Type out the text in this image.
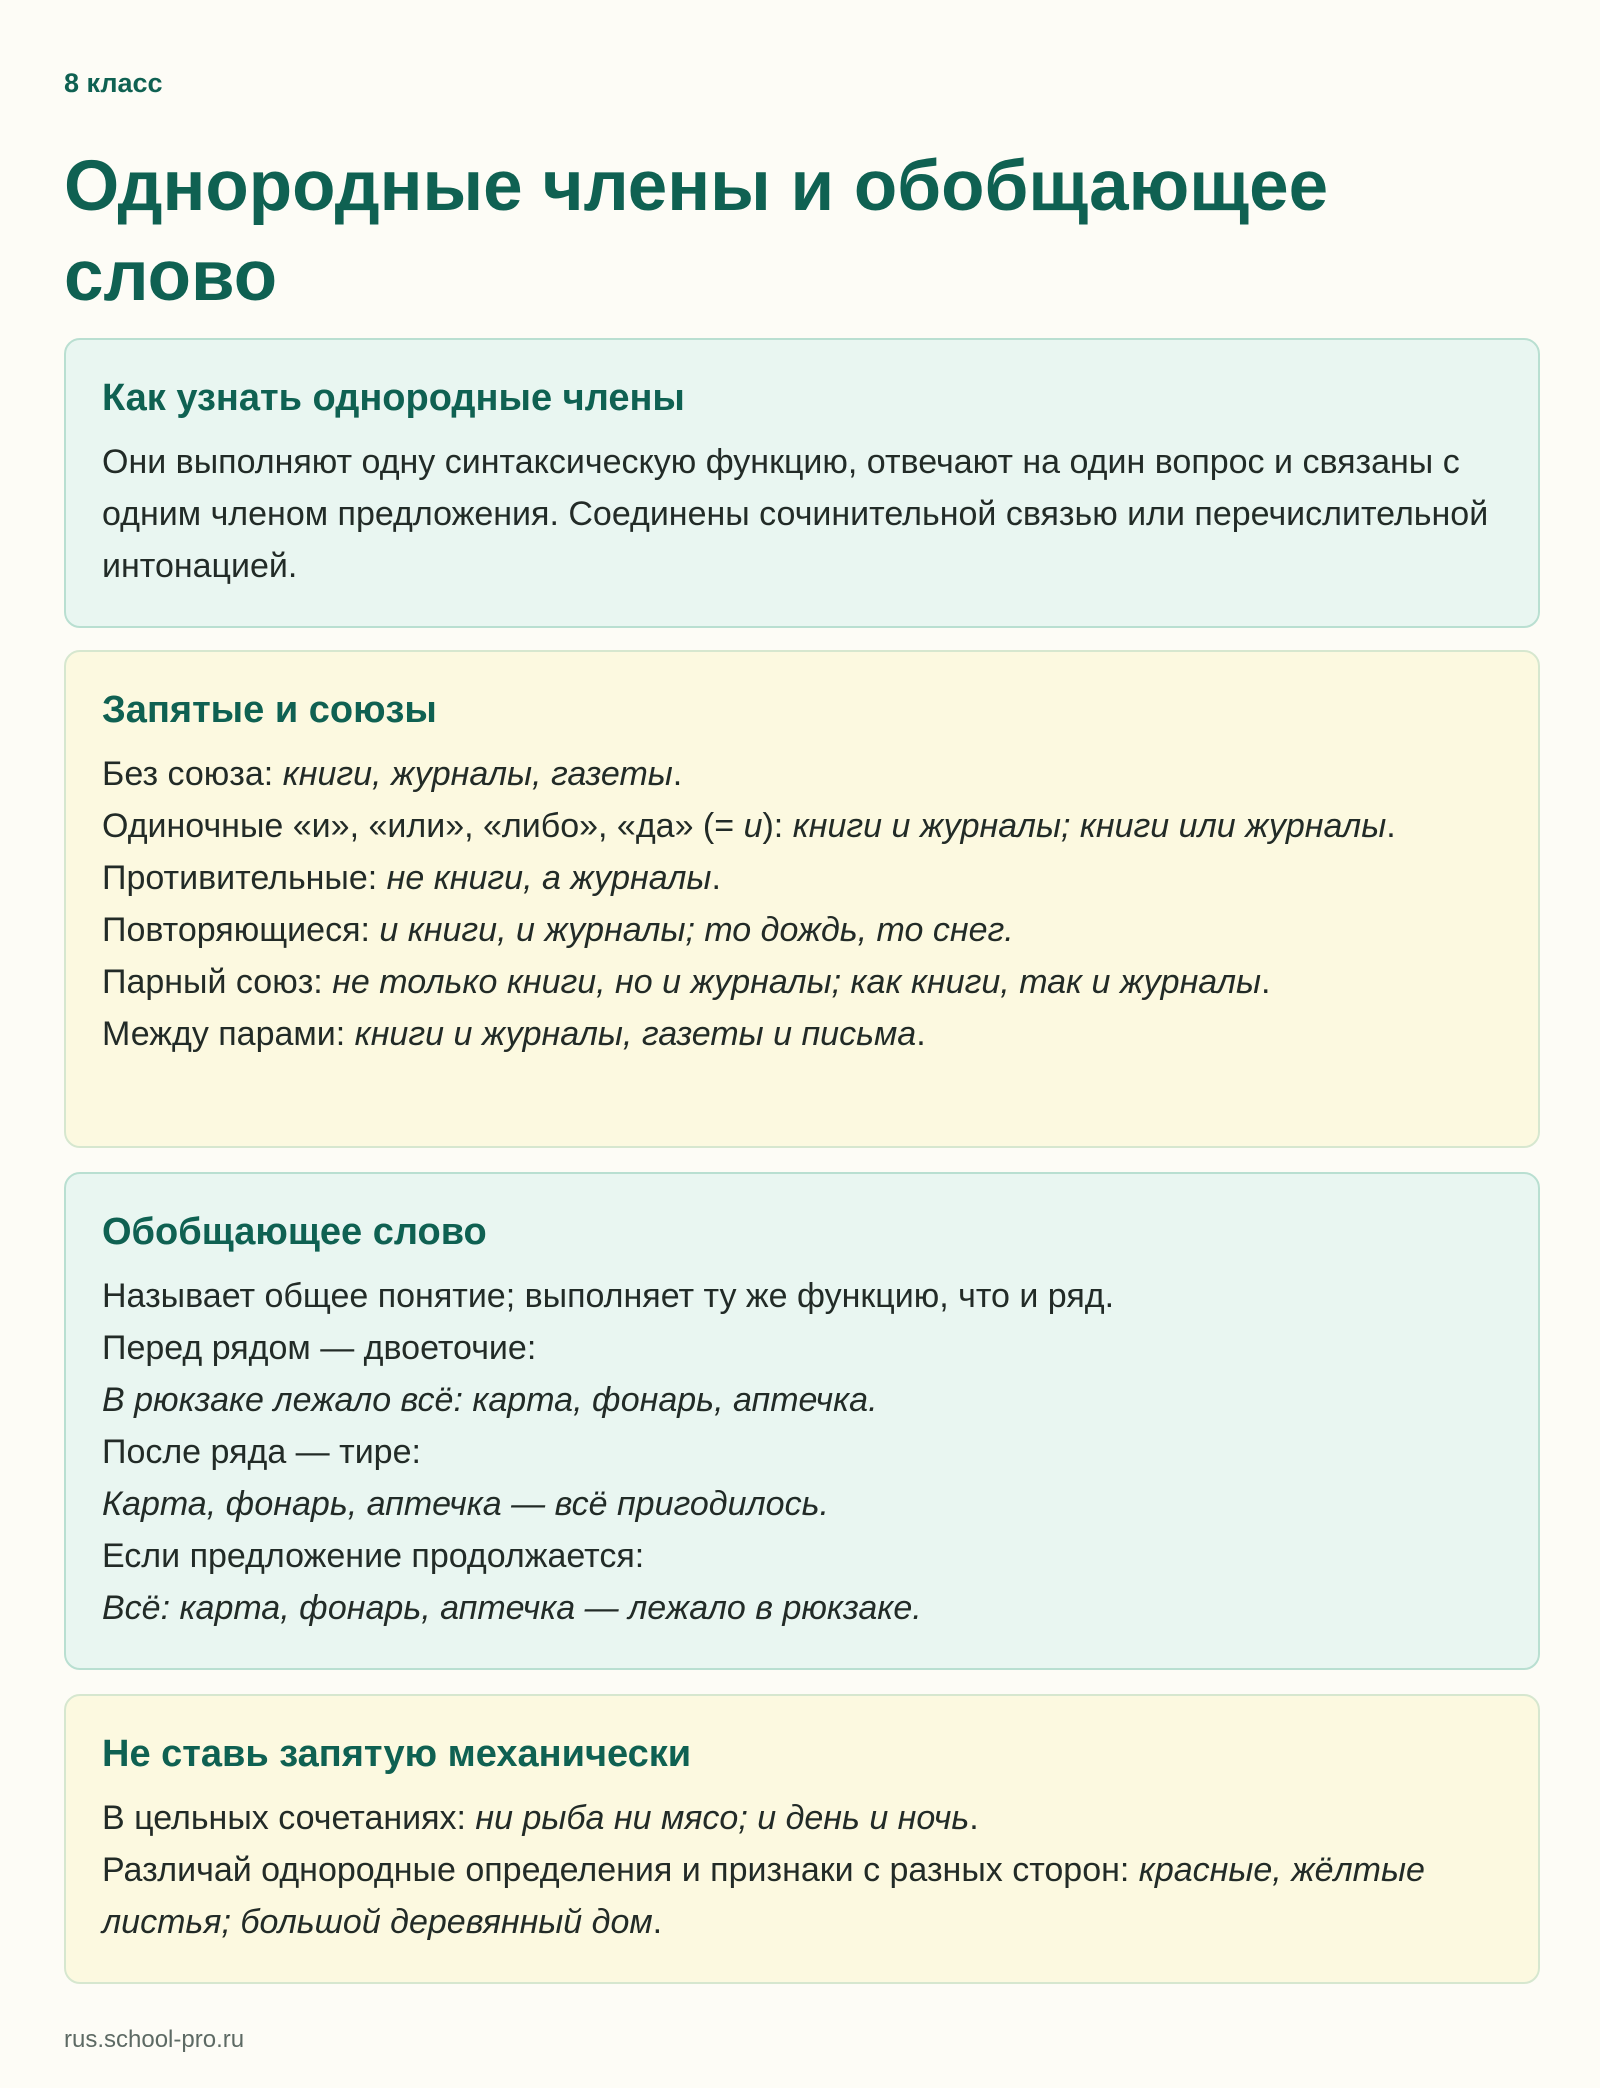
8 класс
Однородные члены и обобщающее слово
Как узнать однородные члены

Они выполняют одну синтаксическую функцию, отвечают на один вопрос и связаны с одним членом предложения. Соединены сочинительной связью или перечислительной интонацией.

Запятые и союзы
Без союза: книги, журналы, газеты.
Одиночные «и», «или», «либо», «да» (= и): книги и журналы; книги или журналы.
Противительные: не книги, а журналы.
Повторяющиеся: и книги, и журналы; то дождь, то снег.
Парный союз: не только книги, но и журналы; как книги, так и журналы.
Между парами: книги и журналы, газеты и письма.
Обобщающее слово
Называет общее понятие; выполняет ту же функцию, что и ряд.
Перед рядом — двоеточие:
В рюкзаке лежало всё: карта, фонарь, аптечка.
После ряда — тире:
Карта, фонарь, аптечка — всё пригодилось.
Если предложение продолжается:
Всё: карта, фонарь, аптечка — лежало в рюкзаке.
Не ставь запятую механически
В цельных сочетаниях: ни рыба ни мясо; и день и ночь.
Различай однородные определения и признаки с разных сторон: красные, жёлтые листья; большой деревянный дом.
rus.school-pro.ru
